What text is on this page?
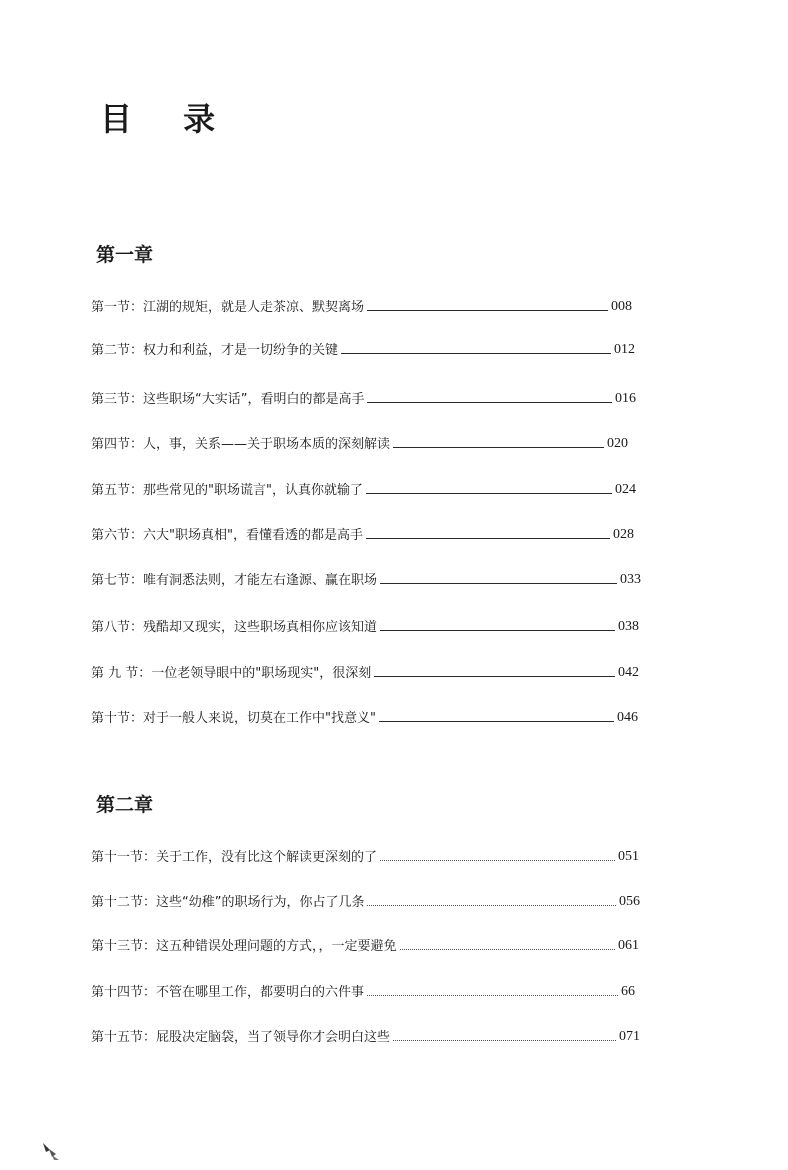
目 录
第一章
第一节：江湖的规矩，就是人走茶凉、默契离场	008
第二节：权力和利益，才是一切纷争的关键	012
第三节：这些职场“大实话”，看明白的都是高手	016
第四节：人，事，关系——关于职场本质的深刻解读	020
第五节：那些常见的"职场谎言"，认真你就输了	024
第六节：六大"职场真相"，看懂看透的都是高手	028
第七节：唯有洞悉法则，才能左右逢源、赢在职场	033
第八节：残酷却又现实，这些职场真相你应该知道	038
第 九 节：一位老领导眼中的"职场现实"，很深刻	042
第十节：对于一般人来说，切莫在工作中"找意义"	046
第二章
第十一节：关于工作，没有比这个解读更深刻的了	051
第十二节：这些“幼稚”的职场行为，你占了几条	056
第十三节：这五种错误处理问题的方式，，一定要避免	061
第十四节：不管在哪里工作，都要明白的六件事	66
第十五节：屁股决定脑袋，当了领导你才会明白这些	071
